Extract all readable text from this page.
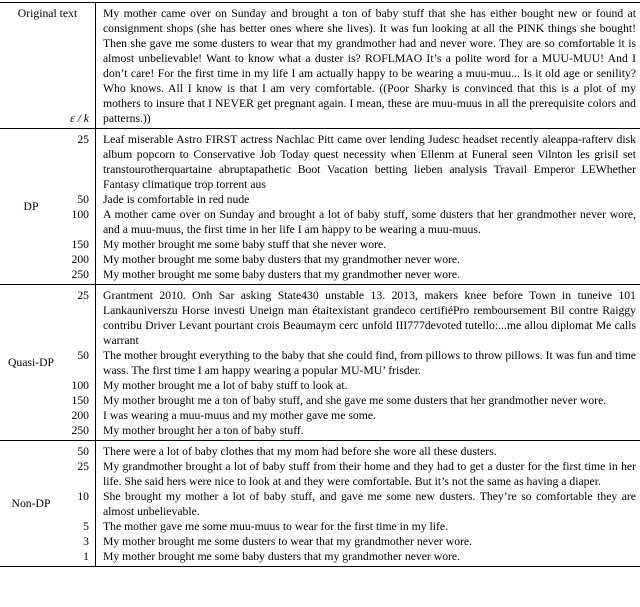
Original text
ε / k
My mother came over on Sunday and brought a ton of baby stuff that she has either bought new or found at consignment shops (she has better ones where she lives). It was fun looking at all the PINK things she bought! Then she gave me some dusters to wear that my grandmother had and never wore. They are so comfortable it is almost unbelievable! Want to know what a duster is? ROFLMAO It’s a polite word for a MUU-MUU! And I don’t care! For the first time in my life I am actually happy to be wearing a muu-muu... Is it old age or senility? Who knows. All I know is that I am very comfortable. ((Poor Sharky is convinced that this is a plot of my mothers to insure that I NEVER get pregnant again. I mean, these are muu-muus in all the prerequisite colors and patterns.))
DP
25	Leaf miserable Astro FIRST actress Nachlac Pitt came over lending Judesc headset recently aleappa-rafterv disk album popcorn to Conservative Job Today quest necessity when Ellenm at Funeral seen Vilnton les grisil set transtourotherquartaine abruptapathetic Boot Vacation betting lieben analysis Travail Emperor LEWhether Fantasy climatique trop torrent aus
50	Jade is comfortable in red nude
100	A mother came over on Sunday and brought a lot of baby stuff, some dusters that her grandmother never wore, and a muu-muus, the first time in her life I am happy to be wearing a muu-muus.
150	My mother brought me some baby stuff that she never wore.
200	My mother brought me some baby dusters that my grandmother never wore.
250	My mother brought me some baby dusters that my grandmother never wore.
Quasi-DP
25	Grantment 2010. Onh Sar asking State430 unstable 13. 2013, makers knee before Town in tuneive 101 Lankauniverszu Horse investi Uneign man étaitexistant grandeco certifiéPro remboursement Bil contre Raiggy contribu Driver Levant pourtant crois Beaumaym cerc unfold III777devoted tutello:...me allou diplomat Me calls warrant
50	The mother brought everything to the baby that she could find, from pillows to throw pillows. It was fun and time wass. The first time I am happy wearing a popular MU-MU’ frisder.
100	My mother brought me a lot of baby stuff to look at.
150	My mother brought me a ton of baby stuff, and she gave me some dusters that her grandmother never wore.
200	I was wearing a muu-muus and my mother gave me some.
250	My mother brought her a ton of baby stuff.
Non-DP
50	There were a lot of baby clothes that my mom had before she wore all these dusters.
25	My grandmother brought a lot of baby stuff from their home and they had to get a duster for the first time in her life. She said hers were nice to look at and they were comfortable. But it’s not the same as having a diaper.
10	She brought my mother a lot of baby stuff, and gave me some new dusters. They’re so comfortable they are almost unbelievable.
5	The mother gave me some muu-muus to wear for the first time in my life.
3	My mother brought me some dusters to wear that my grandmother never wore.
1	My mother brought me some baby dusters that my grandmother never wore.
